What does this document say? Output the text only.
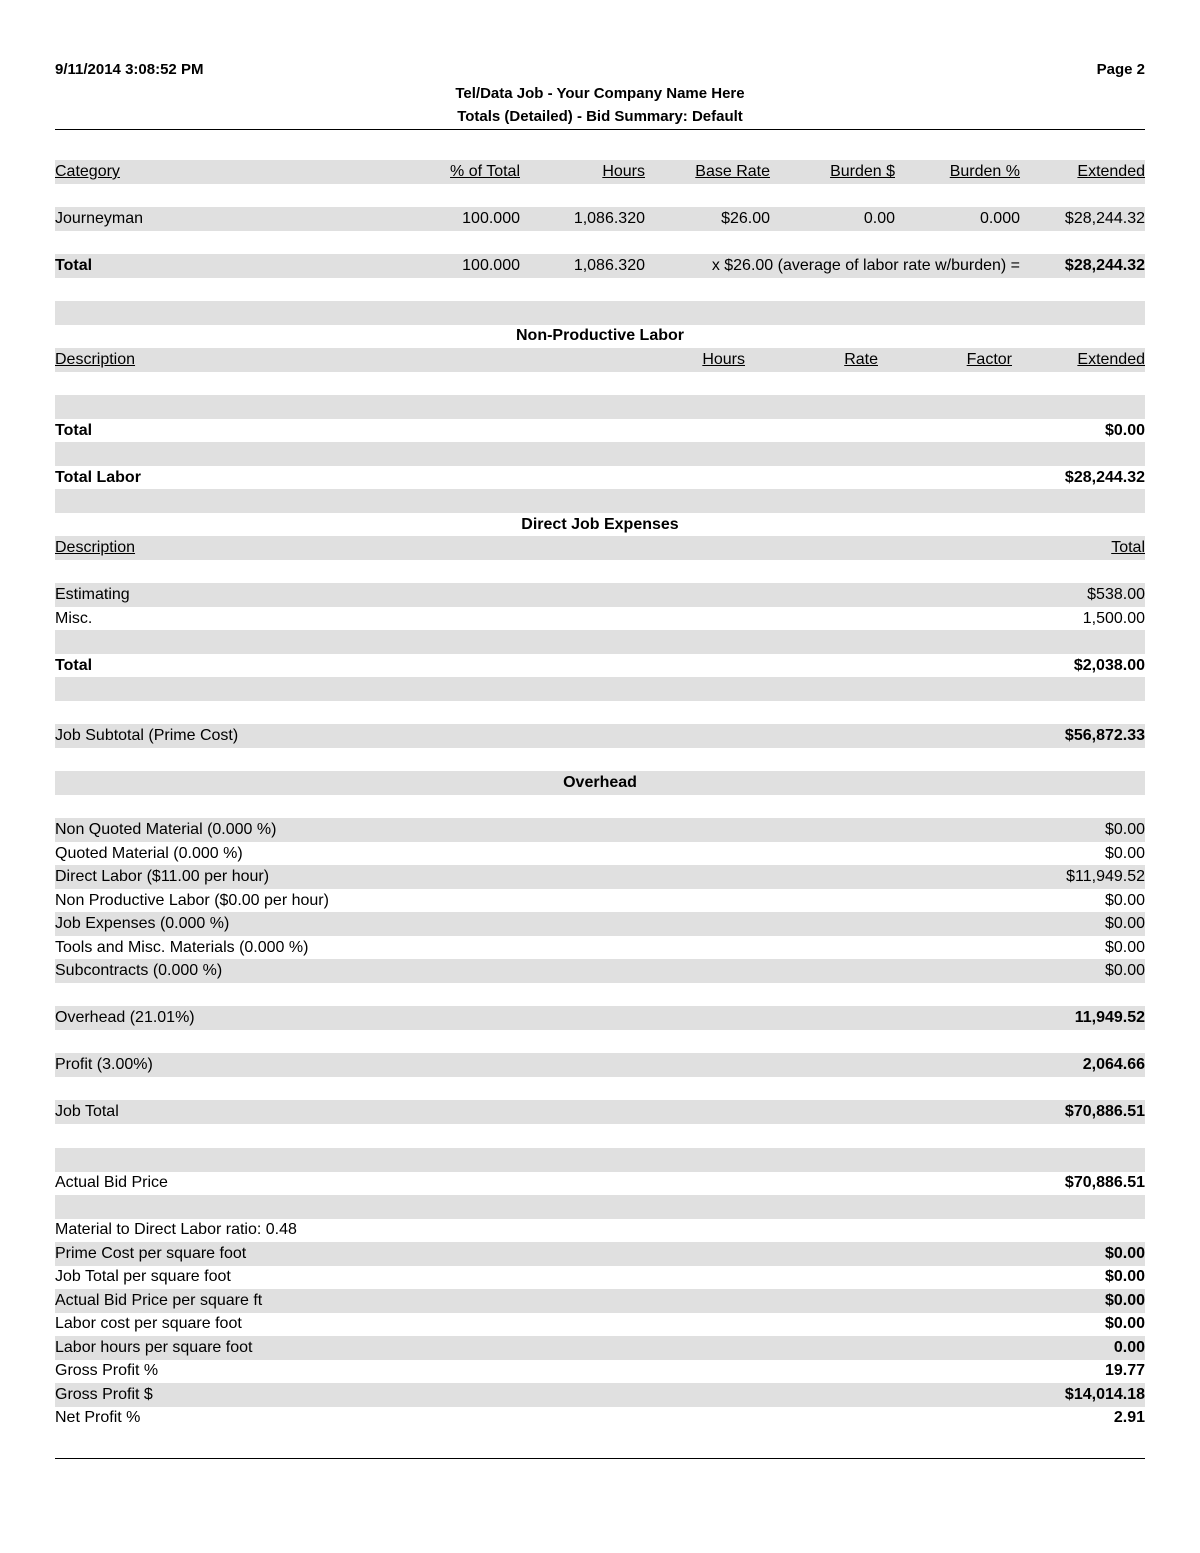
9/11/2014 3:08:52 PM	Page 2
Tel/Data Job - Your Company Name Here
Totals (Detailed) - Bid Summary: Default
Category	% of Total	Hours	Base Rate	Burden $	Burden %	Extended
Journeyman	100.000	1,086.320	$26.00	0.00	0.000	$28,244.32
Total	100.000	1,086.320	x $26.00 (average of labor rate w/burden) =	$28,244.32
Non-Productive Labor
Description	Hours	Rate	Factor	Extended
Total	$0.00
Total Labor	$28,244.32
Direct Job Expenses
Description	Total
Estimating	$538.00
Misc.	1,500.00
Total	$2,038.00
Job Subtotal (Prime Cost)	$56,872.33
Overhead
Non Quoted Material (0.000 %)	$0.00
Quoted Material (0.000 %)	$0.00
Direct Labor ($11.00 per hour)	$11,949.52
Non Productive Labor ($0.00 per hour)	$0.00
Job Expenses (0.000 %)	$0.00
Tools and Misc. Materials (0.000 %)	$0.00
Subcontracts (0.000 %)	$0.00
Overhead (21.01%)	11,949.52
Profit (3.00%)	2,064.66
Job Total	$70,886.51
Actual Bid Price	$70,886.51
Material to Direct Labor ratio: 0.48
Prime Cost per square foot	$0.00
Job Total per square foot	$0.00
Actual Bid Price per square ft	$0.00
Labor cost per square foot	$0.00
Labor hours per square foot	0.00
Gross Profit %	19.77
Gross Profit $	$14,014.18
Net Profit %	2.91
